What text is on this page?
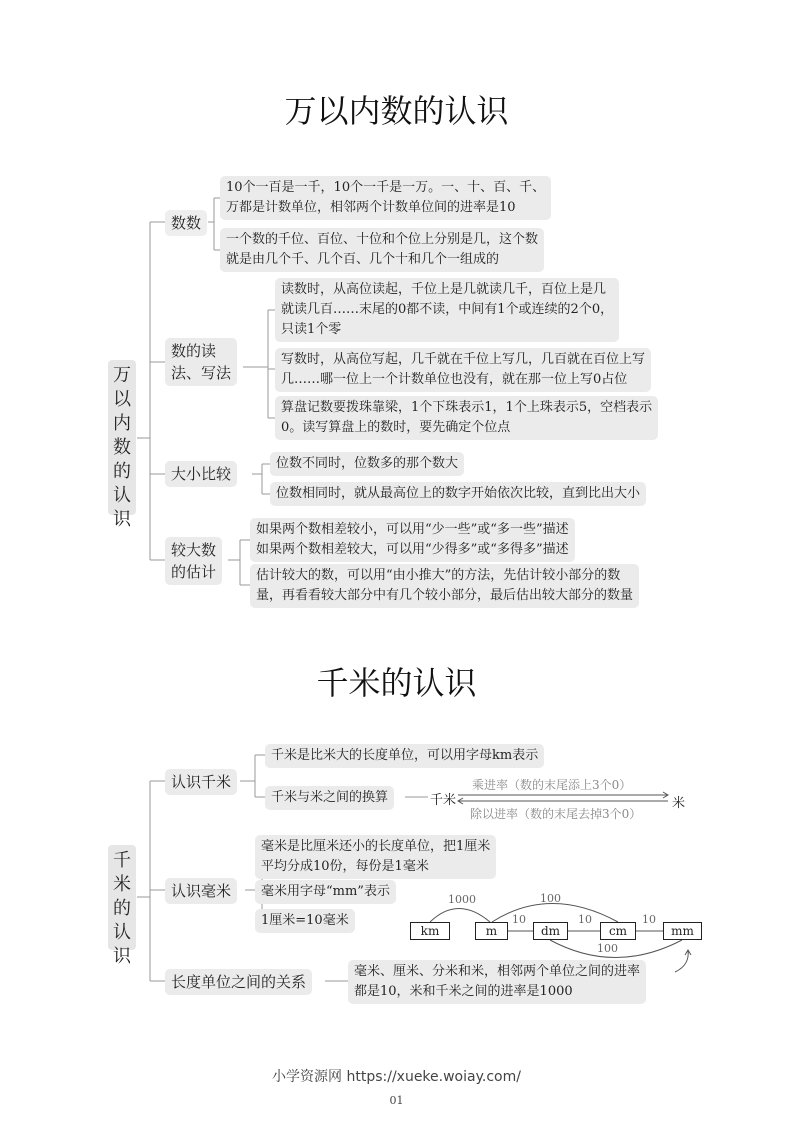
万以内数的认识
万以内数的认识
数数
数的读
法、写法
大小比较
较大数
的估计
10个一百是一千，10个一千是一万。一、十、百、千、
万都是计数单位，相邻两个计数单位间的进率是10
一个数的千位、百位、十位和个位上分别是几，这个数
就是由几个千、几个百、几个十和几个一组成的
读数时，从高位读起，千位上是几就读几千，百位上是几
就读几百……末尾的0都不读，中间有1个或连续的2个0，
只读1个零
写数时，从高位写起，几千就在千位上写几，几百就在百位上写
几……哪一位上一个计数单位也没有，就在那一位上写0占位
算盘记数要拨珠靠梁，1个下珠表示1，1个上珠表示5，空档表示
0。读写算盘上的数时，要先确定个位点
位数不同时，位数多的那个数大
位数相同时，就从最高位上的数字开始依次比较，直到比出大小
如果两个数相差较小，可以用“少一些”或“多一些”描述
如果两个数相差较大，可以用“少得多”或“多得多”描述
估计较大的数，可以用“由小推大”的方法，先估计较小部分的数
量，再看看较大部分中有几个较小部分，最后估出较大部分的数量
千米的认识
千米的认识
认识千米
认识毫米
长度单位之间的关系
千米是比米大的长度单位，可以用字母km表示
千米与米之间的换算	千米	米
乘进率（数的末尾添上3个0）
除以进率（数的末尾去掉3个0）
毫米是比厘米还小的长度单位，把1厘米
平均分成10份，每份是1毫米
毫米用字母“mm”表示
1厘米=10毫米
km	m	dm	cm	mm
1000	100
10	10	10
100
毫米、厘米、分米和米，相邻两个单位之间的进率
都是10，米和千米之间的进率是1000
小学资源网 https://xueke.woiay.com/
01
